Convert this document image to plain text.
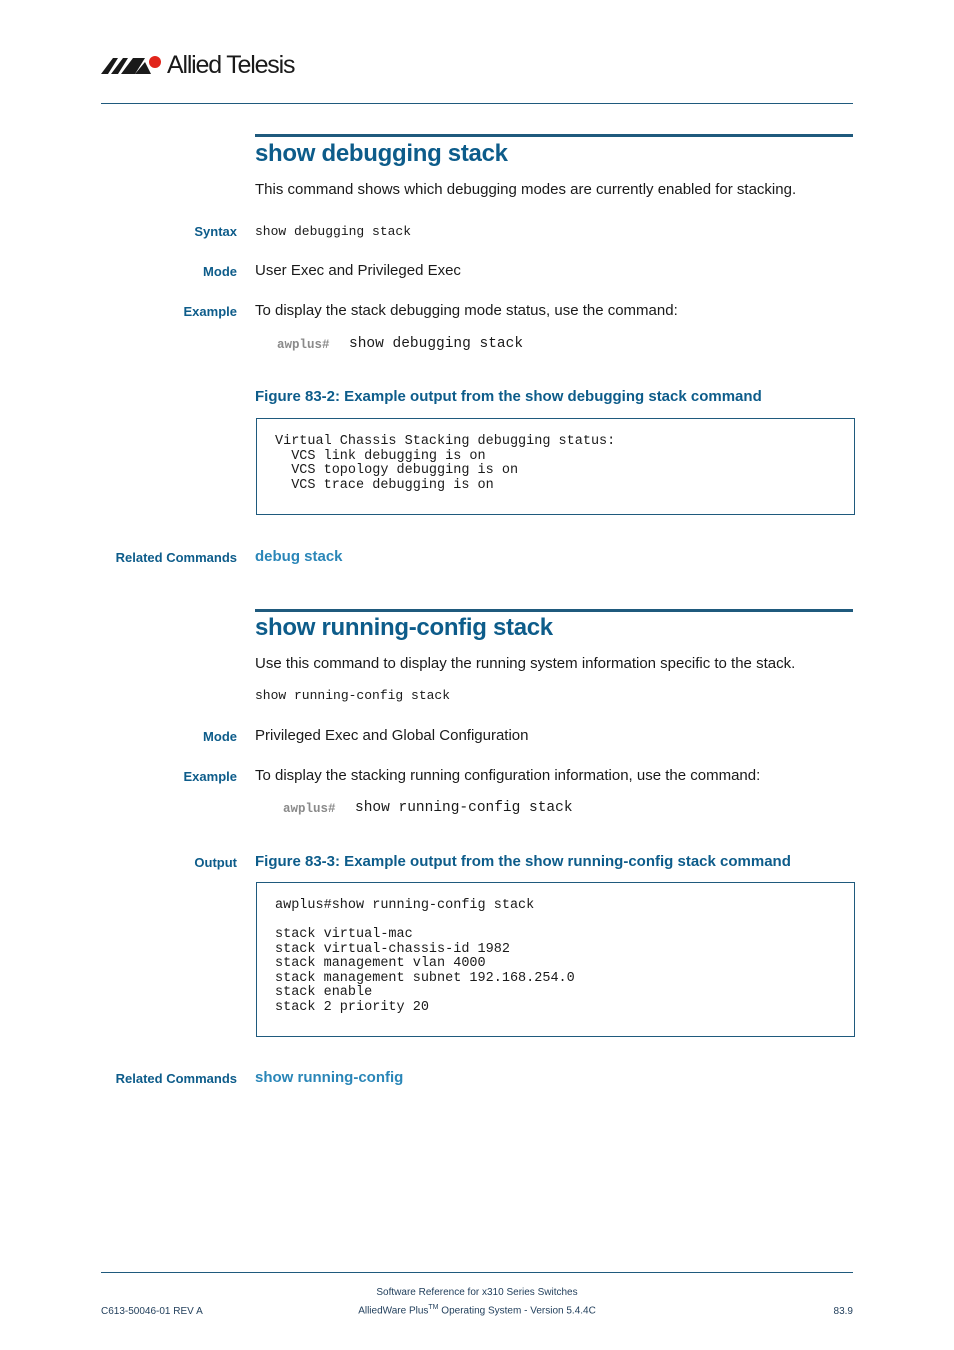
Allied Telesis
show debugging stack
This command shows which debugging modes are currently enabled for stacking.
Syntax show debugging stack
Mode User Exec and Privileged Exec
Example To display the stack debugging mode status, use the command:
awplus# show debugging stack
Figure 83-2: Example output from the show debugging stack command
Virtual Chassis Stacking debugging status:
VCS link debugging is on
VCS topology debugging is on
VCS trace debugging is on
Related Commands debug stack
show running-config stack
Use this command to display the running system information specific to the stack.
show running-config stack
Mode Privileged Exec and Global Configuration
Example To display the stacking running configuration information, use the command:
awplus# show running-config stack
Output Figure 83-3: Example output from the show running-config stack command
awplus#show running-config stack
stack virtual-mac
stack virtual-chassis-id 1982
stack management vlan 4000
stack management subnet 192.168.254.0
stack enable
stack 2 priority 20
Related Commands show running-config
Software Reference for x310 Series Switches
C613-50046-01 REV A	AlliedWare Plus™ Operating System - Version 5.4.4C	83.9
